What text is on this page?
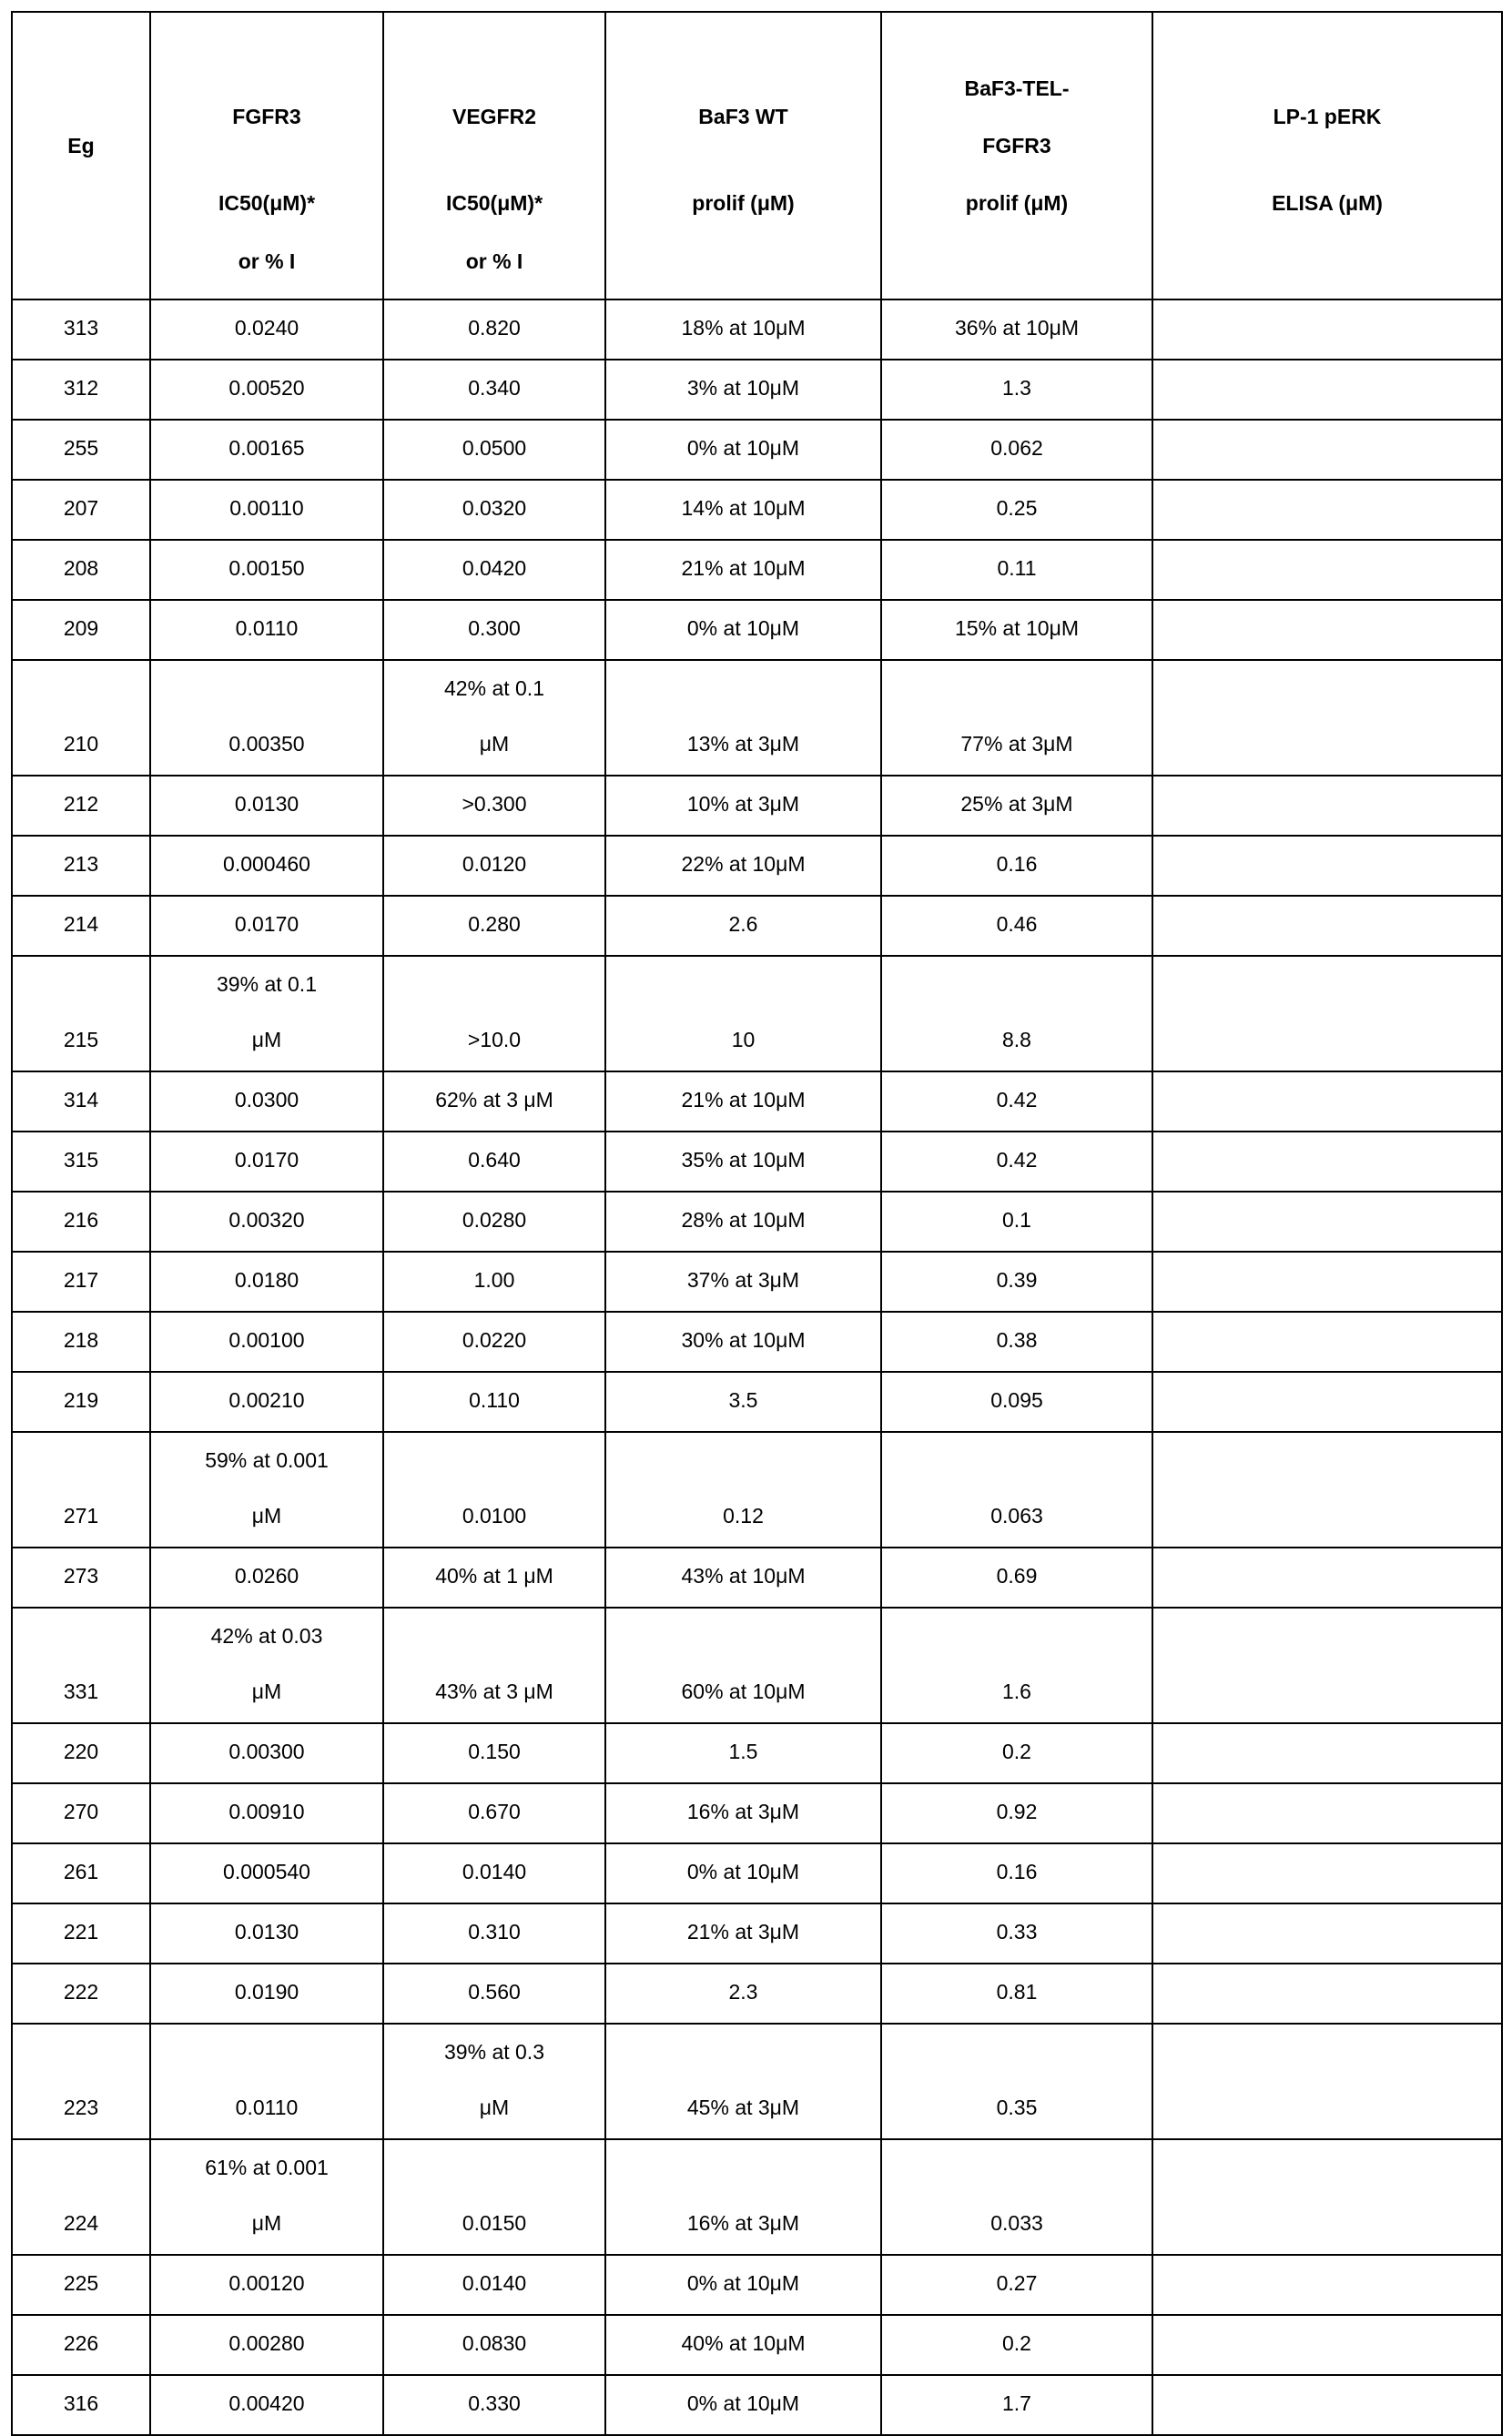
Eg

FGFR3
IC50(μM)*
or % I

VEGFR2
IC50(μM)*
or % I

BaF3 WT
prolif (μM)

BaF3-TEL-
FGFR3
prolif (μM)

LP-1 pERK
ELISA (μM)

313	0.0240	0.820	18% at 10μM	36% at 10μM

312	0.00520	0.340	3% at 10μM	1.3

255	0.00165	0.0500	0% at 10μM	0.062

207	0.00110	0.0320	14% at 10μM	0.25

208	0.00150	0.0420	21% at 10μM	0.11

209	0.0110	0.300	0% at 10μM	15% at 10μM

210	0.00350

42% at 0.1
μM	13% at 3μM	77% at 3μM

212	0.0130	>0.300	10% at 3μM	25% at 3μM

213	0.000460	0.0120	22% at 10μM	0.16

214	0.0170	0.280	2.6	0.46

215

39% at 0.1
μM	>10.0	10	8.8

314	0.0300	62% at 3 μM	21% at 10μM	0.42

315	0.0170	0.640	35% at 10μM	0.42

216	0.00320	0.0280	28% at 10μM	0.1

217	0.0180	1.00	37% at 3μM	0.39

218	0.00100	0.0220	30% at 10μM	0.38

219	0.00210	0.110	3.5	0.095

271

59% at 0.001
μM	0.0100	0.12	0.063

273	0.0260	40% at 1 μM	43% at 10μM	0.69

331

42% at 0.03
μM	43% at 3 μM	60% at 10μM	1.6

220	0.00300	0.150	1.5	0.2

270	0.00910	0.670	16% at 3μM	0.92

261	0.000540	0.0140	0% at 10μM	0.16

221	0.0130	0.310	21% at 3μM	0.33

222	0.0190	0.560	2.3	0.81

223	0.0110

39% at 0.3
μM	45% at 3μM	0.35

224

61% at 0.001
μM	0.0150	16% at 3μM	0.033

225	0.00120	0.0140	0% at 10μM	0.27

226	0.00280	0.0830	40% at 10μM	0.2

316	0.00420	0.330	0% at 10μM	1.7
